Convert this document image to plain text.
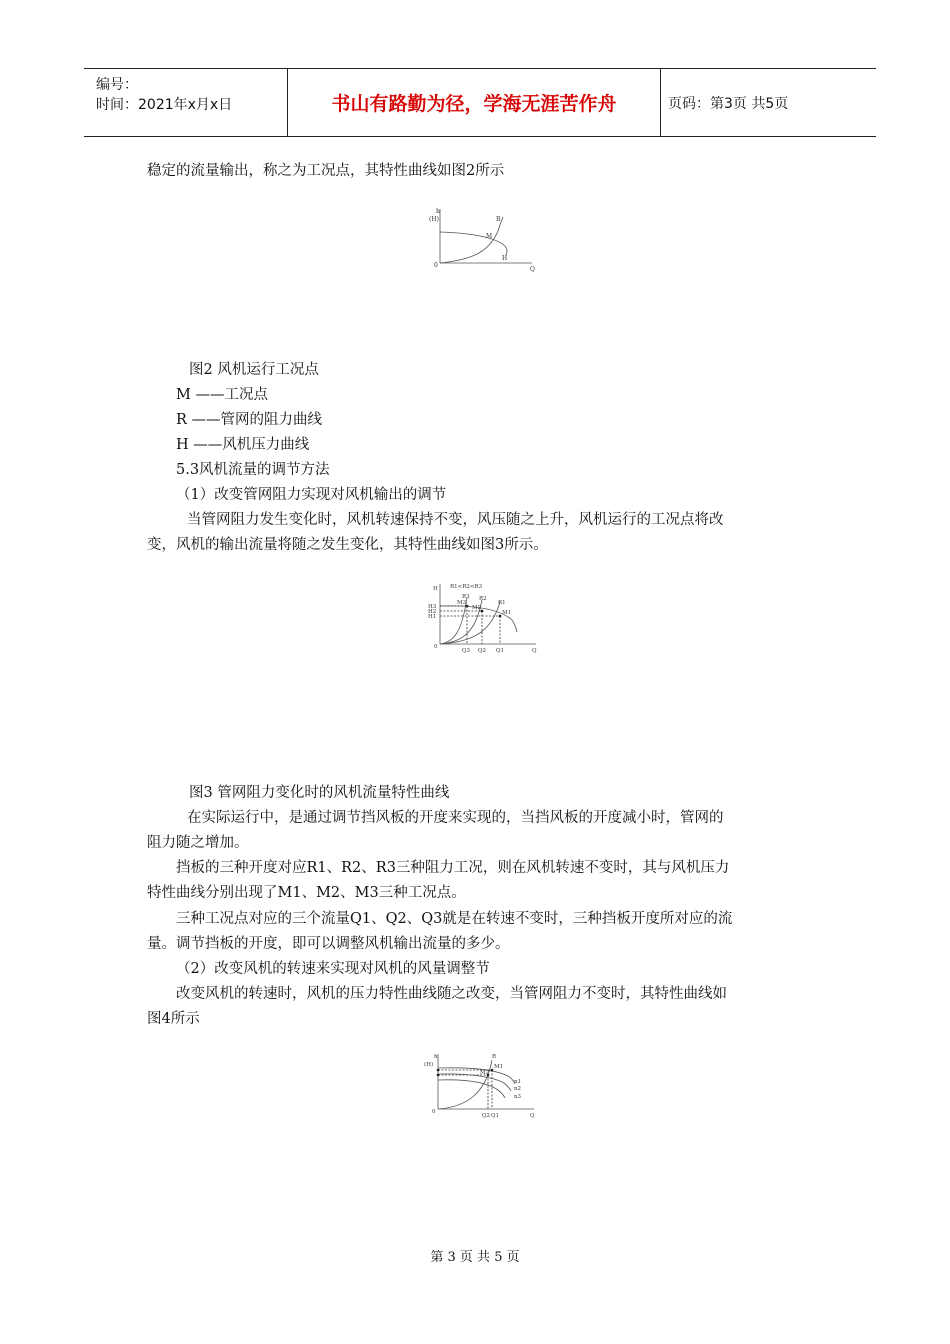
编号：
时间：2021年x月x日	书山有路勤为径，学海无涯苦作舟	页码：第3页 共5页
稳定的流量输出，称之为工况点，其特性曲线如图2所示
h
(H)
0
Q
R
M
H
图2 风机运行工况点
M ——工况点
R ——管网的阻力曲线
H ——风机压力曲线
5.3风机流量的调节方法
（1）改变管网阻力实现对风机输出的调节
当管网阻力发生变化时，风机转速保持不变，风压随之上升，风机运行的工况点将改
变，风机的输出流量将随之发生变化，其特性曲线如图3所示。
H R1<R2<R3
H3
H2
H1
R3 R2
R1
M3
M2
M1
0
Q3 Q2 Q1	Q
图3 管网阻力变化时的风机流量特性曲线
在实际运行中，是通过调节挡风板的开度来实现的，当挡风板的开度减小时，管网的
阻力随之增加。
挡板的三种开度对应R1、R2、R3三种阻力工况，则在风机转速不变时，其与风机压力
特性曲线分别出现了M1、M2、M3三种工况点。
三种工况点对应的三个流量Q1、Q2、Q3就是在转速不变时，三种挡板开度所对应的流
量。调节挡板的开度，即可以调整风机输出流量的多少。
（2）改变风机的转速来实现对风机的风量调整节
改变风机的转速时，风机的压力特性曲线随之改变，当管网阻力不变时，其特性曲线如
图4所示
h
(H)
R
M1
M2
n1
n2
n3
0
Q2 Q1	Q
第 3 页 共 5 页
